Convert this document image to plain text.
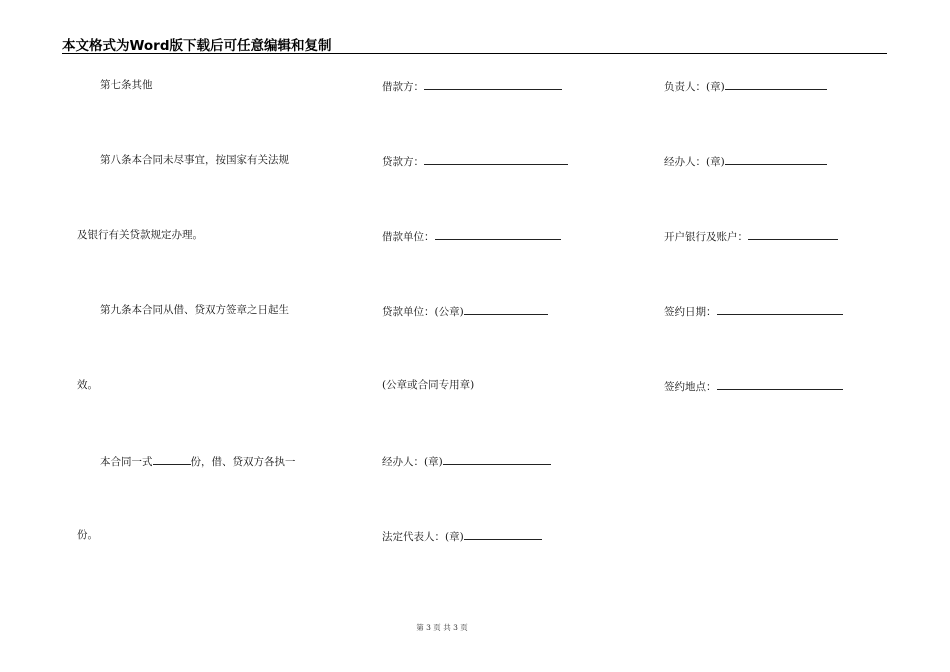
本文格式为Word版下载后可任意编辑和复制
第七条其他
第八条本合同未尽事宜，按国家有关法规
及银行有关贷款规定办理。
第九条本合同从借、贷双方签章之日起生
效。
本合同一式	份，借、贷双方各执一
份。
借款方：
贷款方：
借款单位：
贷款单位：(公章)
(公章或合同专用章)
经办人：(章)
法定代表人：(章)
负责人：(章)
经办人：(章)
开户银行及账户：
签约日期：
签约地点：
第 3 页 共 3 页
